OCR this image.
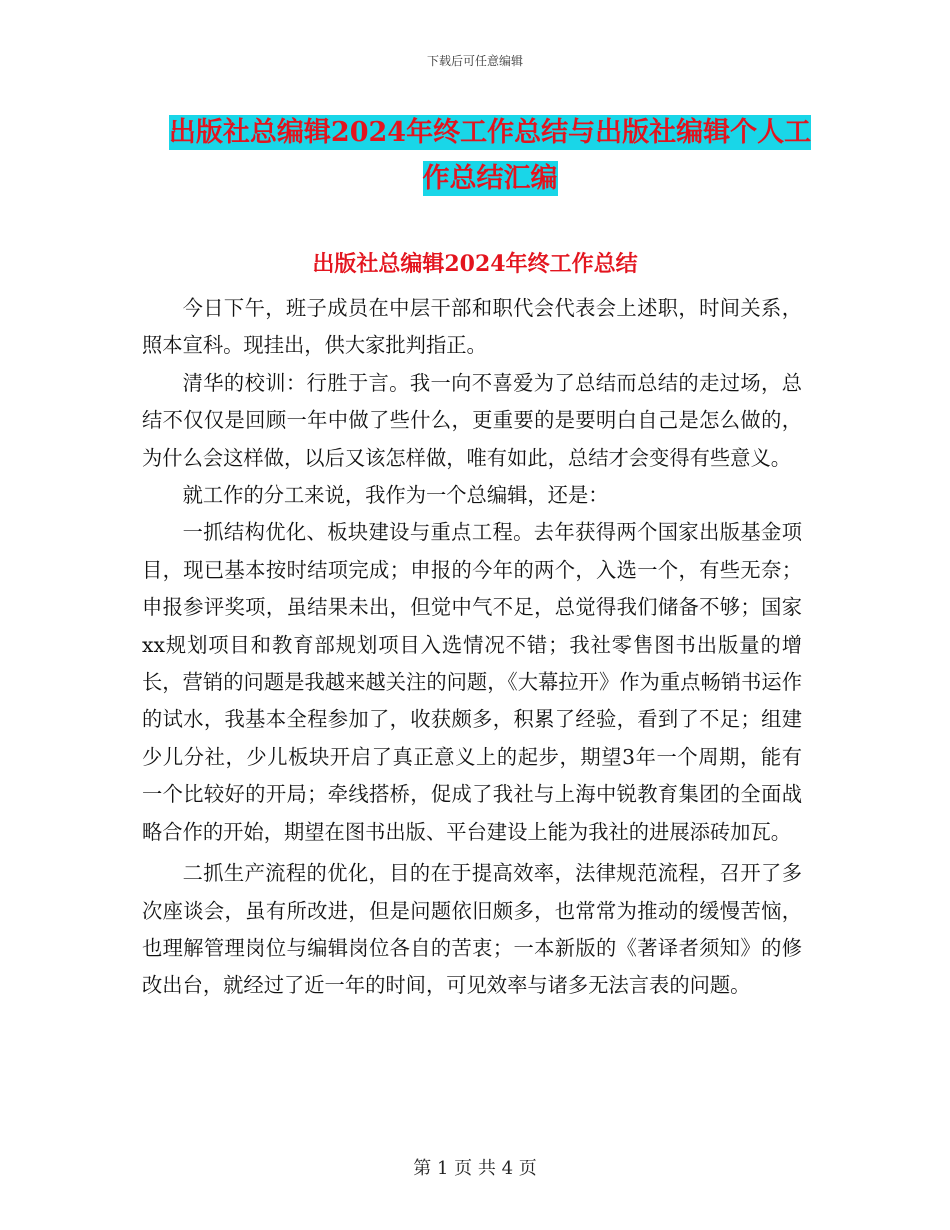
下载后可任意编辑
出版社总编辑2024年终工作总结与出版社编辑个人工
作总结汇编
出版社总编辑2024年终工作总结

今日下午，班子成员在中层干部和职代会代表会上述职，时间关系，照本宣科。现挂出，供大家批判指正。

清华的校训：行胜于言。我一向不喜爱为了总结而总结的走过场，总结不仅仅是回顾一年中做了些什么，更重要的是要明白自己是怎么做的，为什么会这样做，以后又该怎样做，唯有如此，总结才会变得有些意义。

就工作的分工来说，我作为一个总编辑，还是：

一抓结构优化、板块建设与重点工程。去年获得两个国家出版基金项目，现已基本按时结项完成；申报的今年的两个，入选一个，有些无奈；申报参评奖项，虽结果未出，但觉中气不足，总觉得我们储备不够；国家xx规划项目和教育部规划项目入选情况不错；我社零售图书出版量的增长，营销的问题是我越来越关注的问题，《大幕拉开》作为重点畅销书运作的试水，我基本全程参加了，收获颇多，积累了经验，看到了不足；组建少儿分社，少儿板块开启了真正意义上的起步，期望3年一个周期，能有一个比较好的开局；牵线搭桥，促成了我社与上海中锐教育集团的全面战略合作的开始，期望在图书出版、平台建设上能为我社的进展添砖加瓦。

二抓生产流程的优化，目的在于提高效率，法律规范流程，召开了多次座谈会，虽有所改进，但是问题依旧颇多，也常常为推动的缓慢苦恼，也理解管理岗位与编辑岗位各自的苦衷；一本新版的《著译者须知》的修改出台，就经过了近一年的时间，可见效率与诸多无法言表的问题。

第 1 页 共 4 页
